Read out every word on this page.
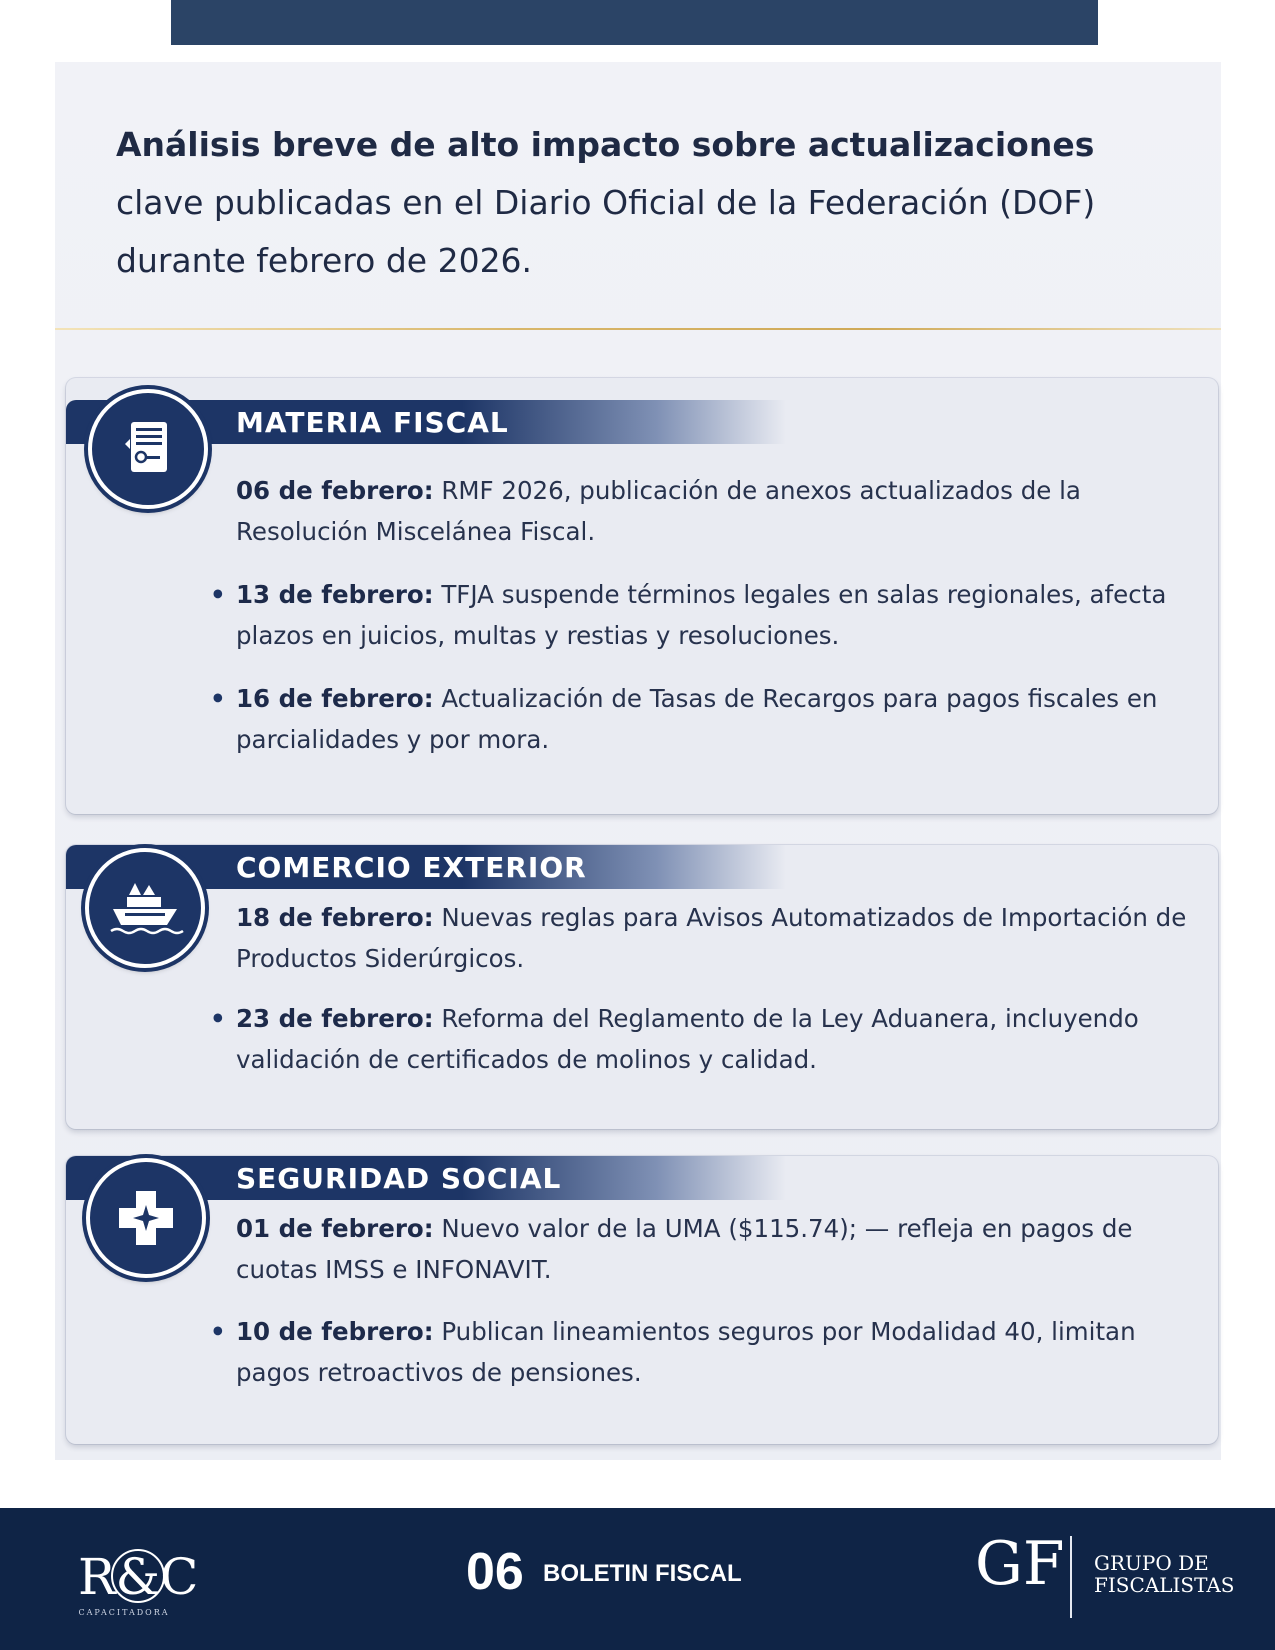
Análisis breve de alto impacto sobre actualizaciones
clave publicadas en el Diario Oficial de la Federación (DOF) durante febrero de 2026.
MATERIA FISCAL
06 de febrero: RMF 2026, publicación de anexos actualizados de la Resolución Miscelánea Fiscal.
• 13 de febrero: TFJA suspende términos legales en salas regionales, afecta plazos en juicios, multas y restias y resoluciones.
• 16 de febrero: Actualización de Tasas de Recargos para pagos fiscales en parcialidades y por mora.
COMERCIO EXTERIOR
18 de febrero: Nuevas reglas para Avisos Automatizados de Importación de Productos Siderúrgicos.
• 23 de febrero: Reforma del Reglamento de la Ley Aduanera, incluyendo validación de certificados de molinos y calidad.
SEGURIDAD SOCIAL
01 de febrero: Nuevo valor de la UMA ($115.74); — refleja en pagos de cuotas IMSS e INFONAVIT.
• 10 de febrero: Publican lineamientos seguros por Modalidad 40, limitan pagos retroactivos de pensiones.
R&C
CAPACITADORA
06 BOLETIN FISCAL	GF GRUPO DE
FISCALISTAS
